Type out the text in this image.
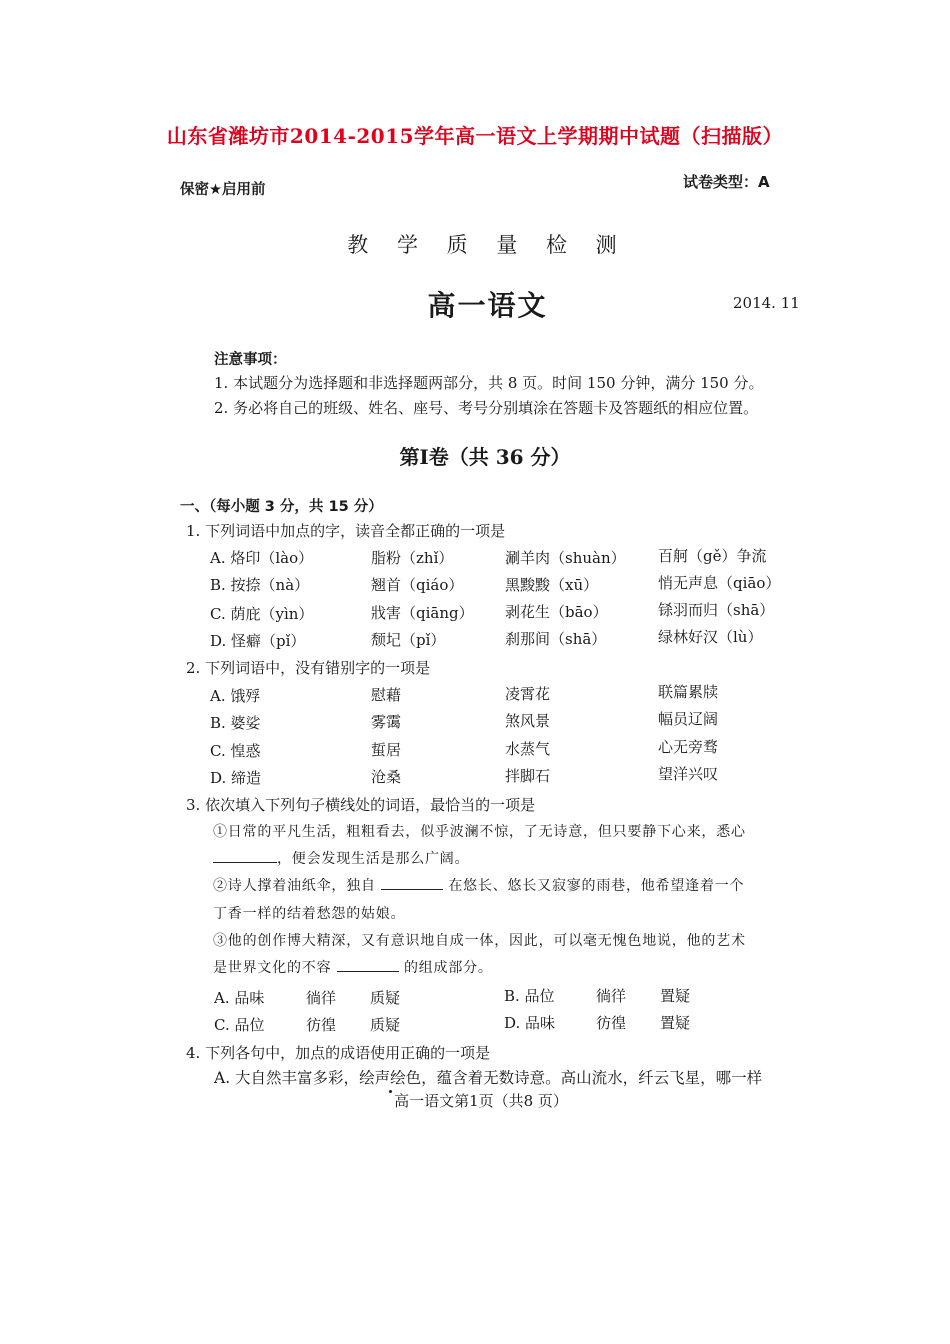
山东省潍坊市2014-2015学年高一语文上学期期中试题（扫描版）
保密★启用前	试卷类型：A
教 学 质 量 检 测
高一语文	2014. 11
注意事项：
1. 本试题分为选择题和非选择题两部分，共 8 页。时间 150 分钟，满分 150 分。
2. 务必将自己的班级、姓名、座号、考号分别填涂在答题卡及答题纸的相应位置。
第Ⅰ卷（共 36 分）
一、（每小题 3 分，共 15 分）
1. 下列词语中加点的字，读音全都正确的一项是
A. 烙印（lào）	脂粉（zhǐ）	涮羊肉（shuàn） 百舸（gě）争流
B. 按捺（nà）	翘首（qiáo）	黑黢黢（xū）	悄无声息（qiāo）
C. 荫庇（yìn）	戕害（qiāng） 剥花生（bāo）	铩羽而归（shā）
D. 怪癖（pǐ）	颓圮（pǐ）	刹那间（shā）	绿林好汉（lù）
2. 下列词语中，没有错别字的一项是
A. 饿殍	慰藉	凌霄花	联篇累牍
B. 婆娑	雾霭	煞风景	幅员辽阔
C. 惶惑	蜇居	水蒸气	心无旁骛
D. 缔造	沧桑	拌脚石	望洋兴叹
3. 依次填入下列句子横线处的词语，最恰当的一项是
①日常的平凡生活，粗粗看去，似乎波澜不惊，了无诗意，但只要静下心来，悉心
，便会发现生活是那么广阔。
②诗人撑着油纸伞，独自	在悠长、悠长又寂寥的雨巷，他希望逢着一个
丁香一样的结着愁怨的姑娘。
③他的创作博大精深，又有意识地自成一体，因此，可以毫无愧色地说，他的艺术
是世界文化的不容	的组成部分。
A. 品味	徜徉 质疑	B. 品位	徜徉 置疑
C. 品位	彷徨 质疑	D. 品味	彷徨 置疑
4. 下列各句中，加点的成语使用正确的一项是
A. 大自然丰富多彩，绘声绘色，蕴含着无数诗意。高山流水，纤云飞星，哪一样
高一语文第1页（共8 页）
